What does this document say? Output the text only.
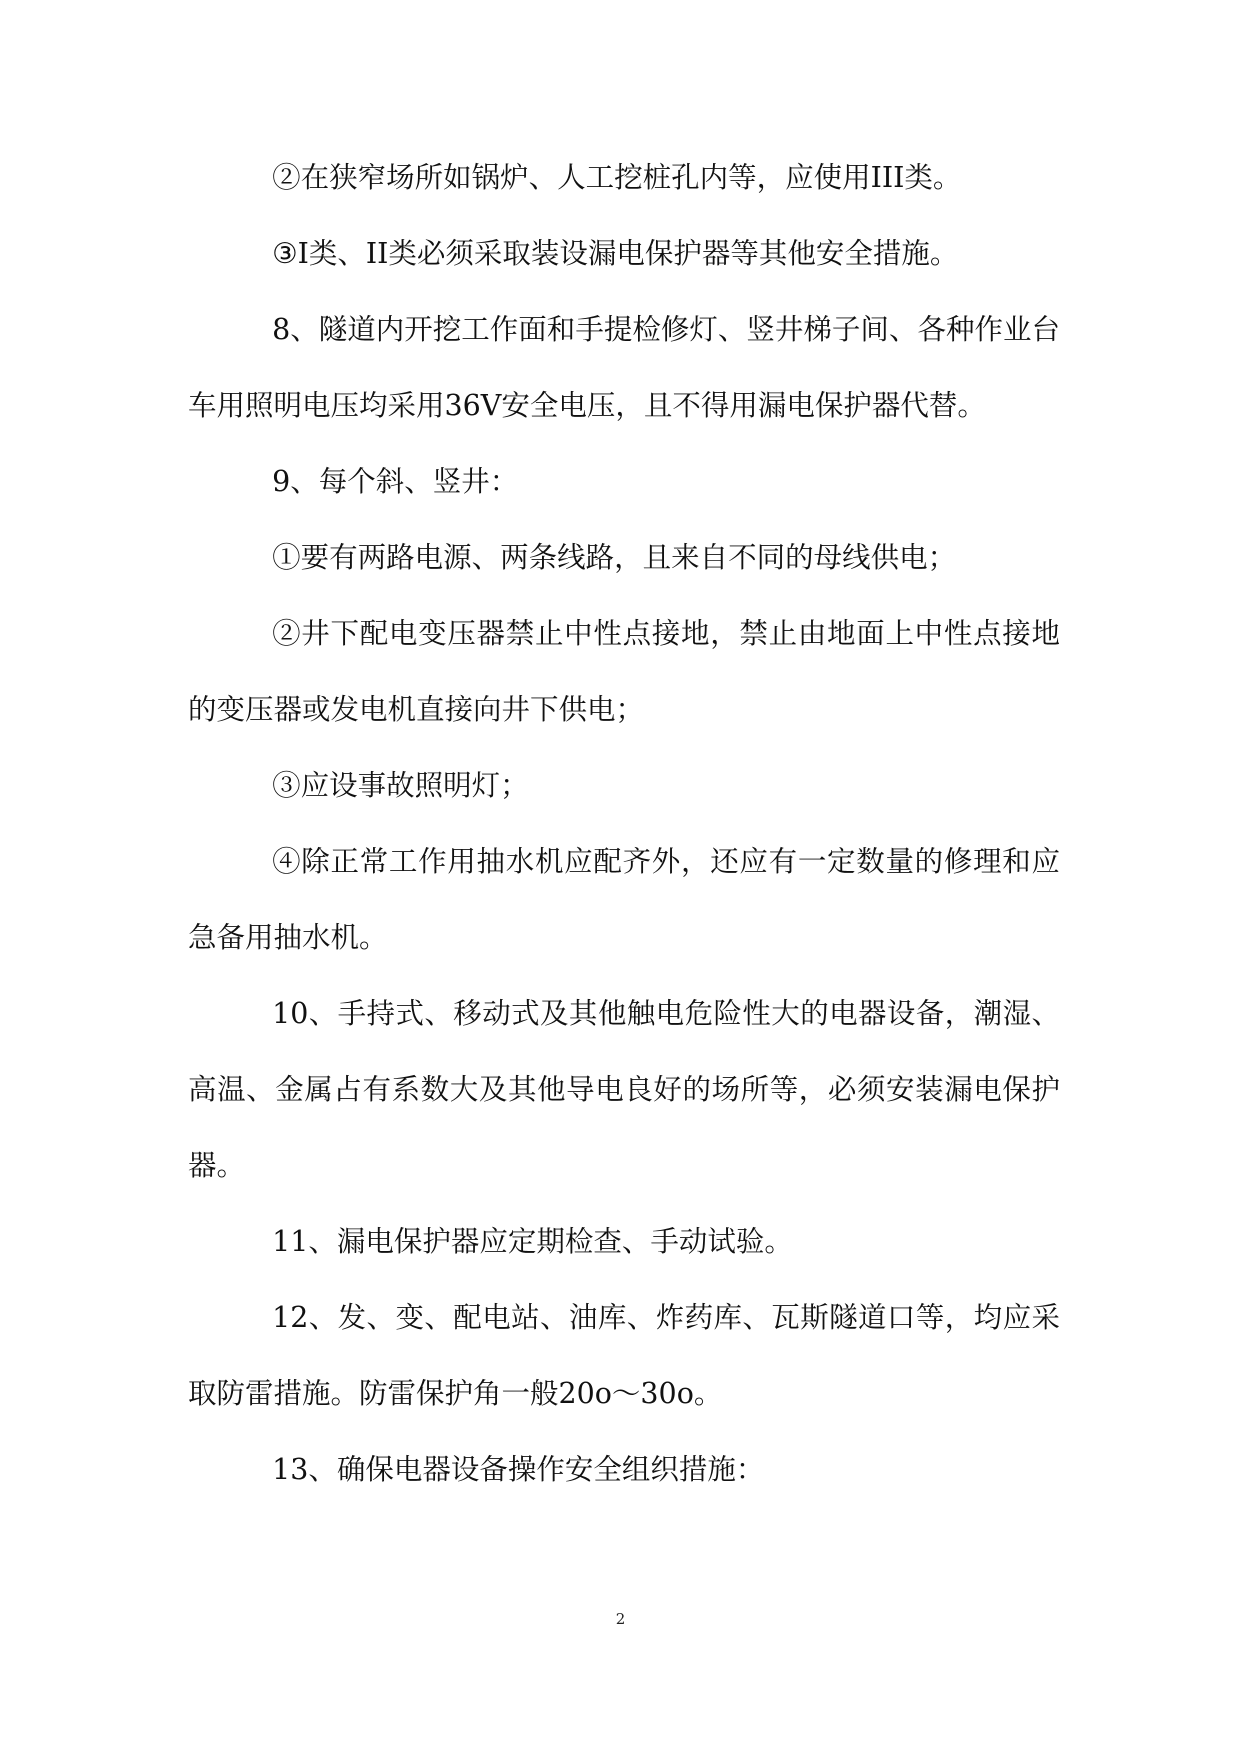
②在狭窄场所如锅炉、人工挖桩孔内等，应使用III类。

③Ⅰ类、II类必须采取装设漏电保护器等其他安全措施。

8、隧道内开挖工作面和手提检修灯、竖井梯子间、各种作业台车用照明电压均采用36V安全电压，且不得用漏电保护器代替。

9、每个斜、竖井：

①要有两路电源、两条线路，且来自不同的母线供电；

②井下配电变压器禁止中性点接地，禁止由地面上中性点接地的变压器或发电机直接向井下供电；

③应设事故照明灯；

④除正常工作用抽水机应配齐外，还应有一定数量的修理和应急备用抽水机。

10、手持式、移动式及其他触电危险性大的电器设备，潮湿、高温、金属占有系数大及其他导电良好的场所等，必须安装漏电保护器。

11、漏电保护器应定期检查、手动试验。

12、发、变、配电站、油库、炸药库、瓦斯隧道口等，均应采取防雷措施。防雷保护角一般20o～30o。

13、确保电器设备操作安全组织措施：

2
